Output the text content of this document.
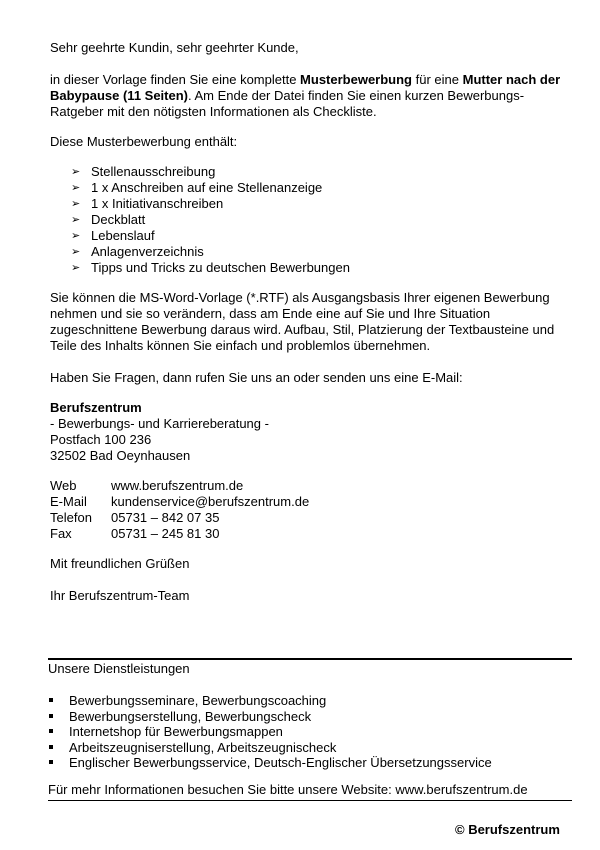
Sehr geehrte Kundin, sehr geehrter Kunde,

in dieser Vorlage finden Sie eine komplette Musterbewerbung für eine Mutter nach der Babypause (11 Seiten). Am Ende der Datei finden Sie einen kurzen Bewerbungs-Ratgeber mit den nötigsten Informationen als Checkliste.

Diese Musterbewerbung enthält:

➢ Stellenausschreibung
➢ 1 x Anschreiben auf eine Stellenanzeige
➢ 1 x Initiativanschreiben
➢ Deckblatt
➢ Lebenslauf
➢ Anlagenverzeichnis
➢ Tipps und Tricks zu deutschen Bewerbungen

Sie können die MS-Word-Vorlage (*.RTF) als Ausgangsbasis Ihrer eigenen Bewerbung nehmen und sie so verändern, dass am Ende eine auf Sie und Ihre Situation zugeschnittene Bewerbung daraus wird. Aufbau, Stil, Platzierung der Textbausteine und Teile des Inhalts können Sie einfach und problemlos übernehmen.

Haben Sie Fragen, dann rufen Sie uns an oder senden uns eine E-Mail:

Berufszentrum
- Bewerbungs- und Karriereberatung -
Postfach 100 236
32502 Bad Oeynhausen
Web	www.berufszentrum.de
E-Mail	kundenservice@berufszentrum.de
Telefon	05731 – 842 07 35
Fax	05731 – 245 81 30

Mit freundlichen Grüßen

Ihr Berufszentrum-Team

Unsere Dienstleistungen
Bewerbungsseminare, Bewerbungscoaching
Bewerbungserstellung, Bewerbungscheck
Internetshop für Bewerbungsmappen
Arbeitszeugniserstellung, Arbeitszeugnischeck
Englischer Bewerbungsservice, Deutsch-Englischer Übersetzungsservice
Für mehr Informationen besuchen Sie bitte unsere Website: www.berufszentrum.de
© Berufszentrum
